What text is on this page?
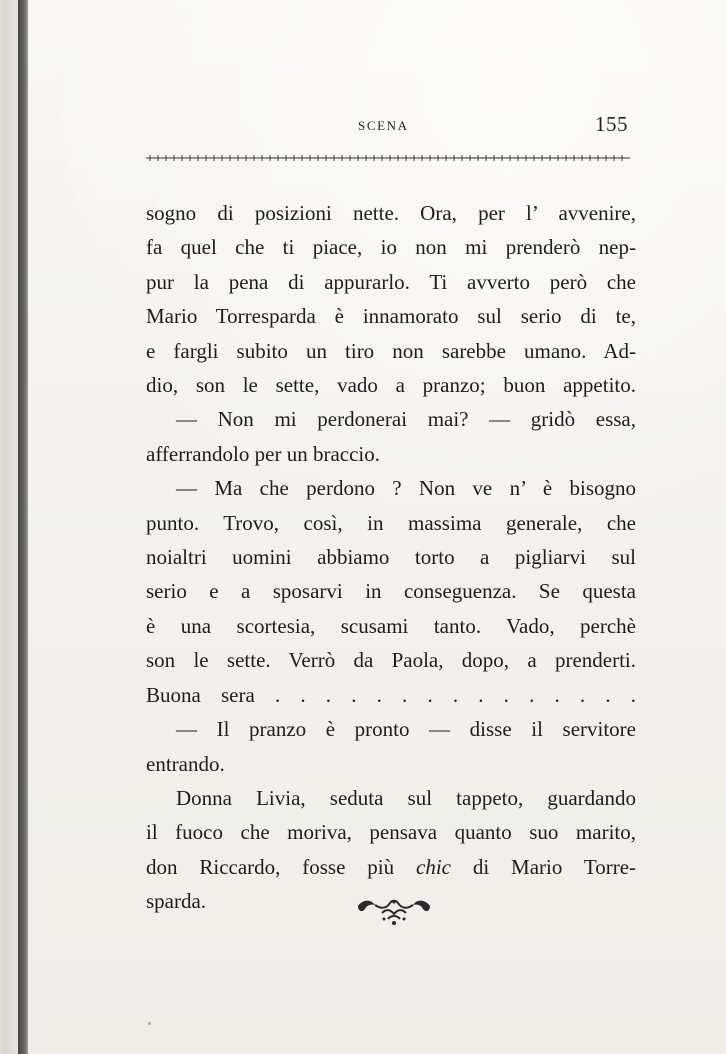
SCENA	155
sogno di posizioni nette. Ora, per l’ avvenire,
fa quel che ti piace, io non mi prenderò nep-
pur la pena di appurarlo. Ti avverto però che
Mario Torresparda è innamorato sul serio di te,
e fargli subito un tiro non sarebbe umano. Ad-
dio, son le sette, vado a pranzo; buon appetito.
— Non mi perdonerai mai? — gridò essa,
afferrandolo per un braccio.
— Ma che perdono ? Non ve n’ è bisogno
punto. Trovo, così, in massima generale, che
noialtri uomini abbiamo torto a pigliarvi sul
serio e a sposarvi in conseguenza. Se questa
è una scortesia, scusami tanto. Vado, perchè
son le sette. Verrò da Paola, dopo, a prenderti.
Buona sera . . . . . . . . . . . . . . .
— Il pranzo è pronto — disse il servitore
entrando.
Donna Livia, seduta sul tappeto, guardando
il fuoco che moriva, pensava quanto suo marito,
don Riccardo, fosse più chic di Mario Torre-
sparda.
